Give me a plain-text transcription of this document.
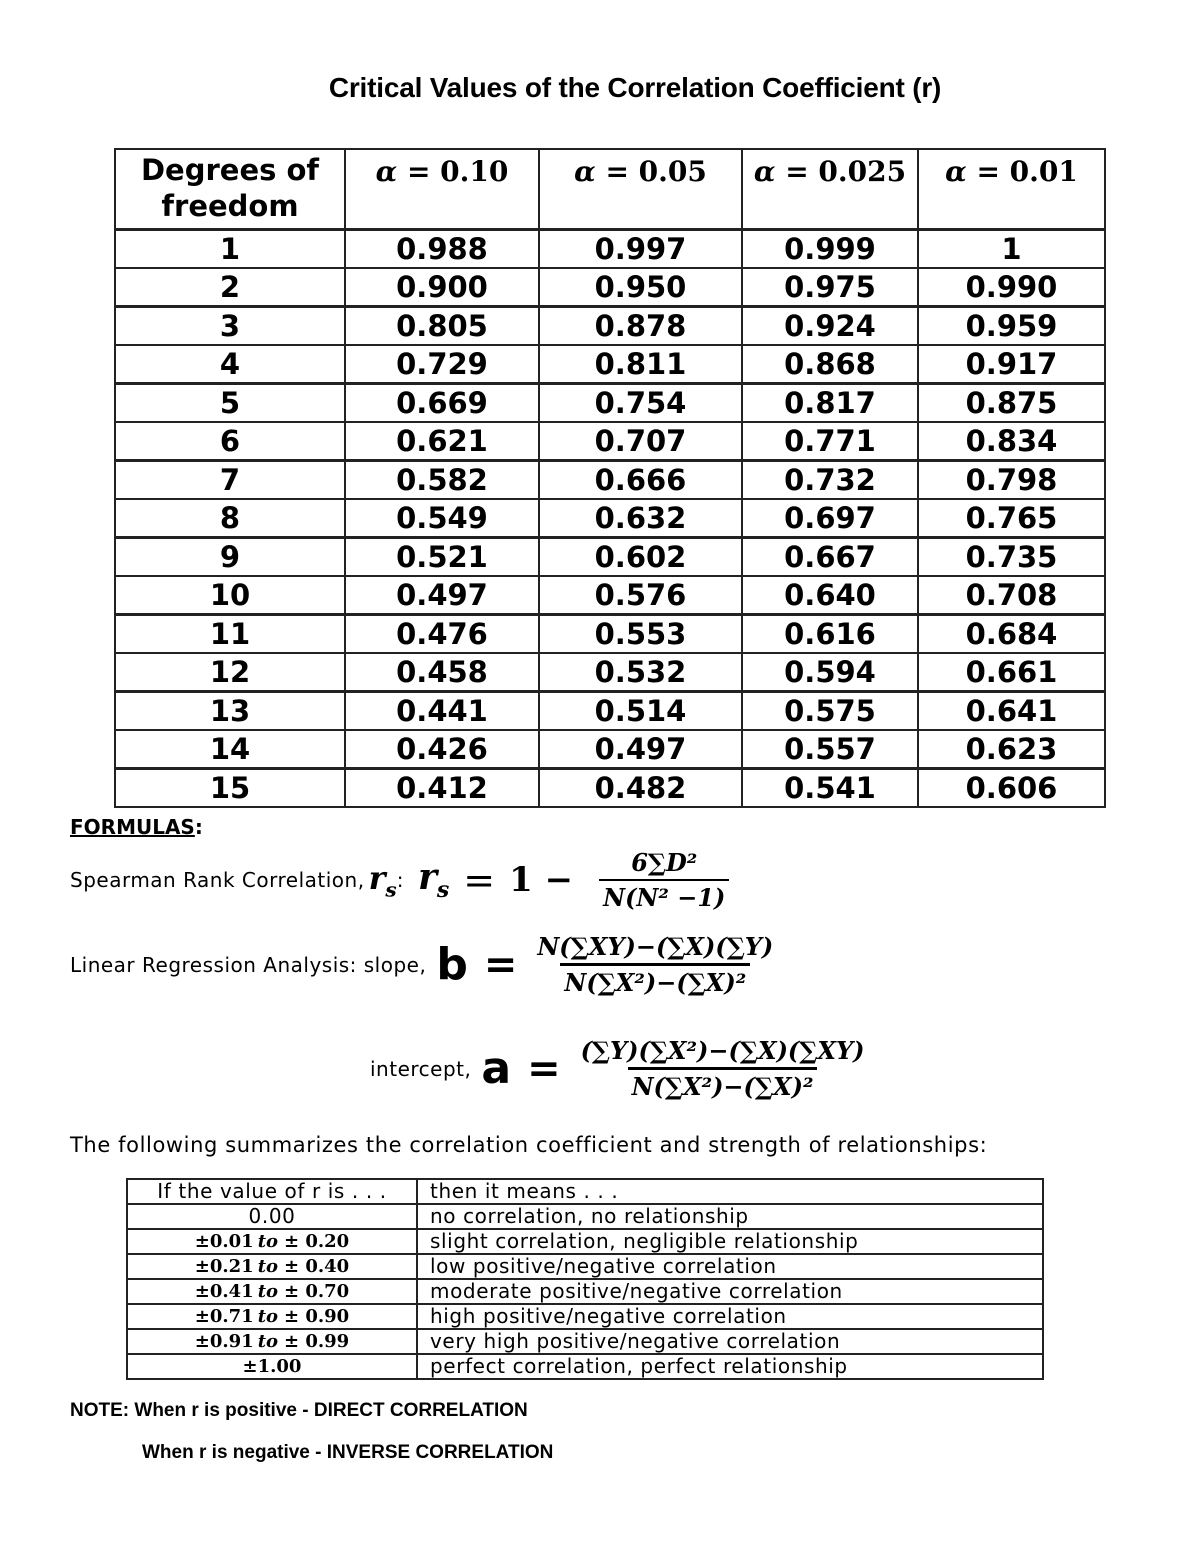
Critical Values of the Correlation Coefficient (r)
Degrees of
freedom	α = 0.10	α = 0.05	α = 0.025	α = 0.01
1	0.988	0.997	0.999	1
2	0.900	0.950	0.975	0.990
3	0.805	0.878	0.924	0.959
4	0.729	0.811	0.868	0.917
5	0.669	0.754	0.817	0.875
6	0.621	0.707	0.771	0.834
7	0.582	0.666	0.732	0.798
8	0.549	0.632	0.697	0.765
9	0.521	0.602	0.667	0.735
10	0.497	0.576	0.640	0.708
11	0.476	0.553	0.616	0.684
12	0.458	0.532	0.594	0.661
13	0.441	0.514	0.575	0.641
14	0.426	0.497	0.557	0.623
15	0.412	0.482	0.541	0.606
FORMULAS:
Spearman Rank Correlation, $r_s$ : $r_s = 1 - \frac{\text{6∑D²}}{\text{N(N² −1)}}$
Linear Regression Analysis: slope, $b = \frac{N(\sum XY)-(\sum X)(\sum Y)}{\text{N(∑X²)−(∑X)²}}$
intercept, $a = \frac{\text{(∑Y)(∑X²)−(∑X)(∑XY)}}{\text{N(∑X²)−(∑X)²}}$
The following summarizes the correlation coefficient and strength of relationships:
If the value of r is . . .	then it means . . .
0.00	no correlation, no relationship
±0.01 to ± 0.20	slight correlation, negligible relationship
±0.21 to ± 0.40	low positive/negative correlation
±0.41 to ± 0.70	moderate positive/negative correlation
±0.71 to ± 0.90	high positive/negative correlation
±0.91 to ± 0.99	very high positive/negative correlation
±1.00	perfect correlation, perfect relationship
NOTE: When r is positive - DIRECT CORRELATION
When r is negative - INVERSE CORRELATION
